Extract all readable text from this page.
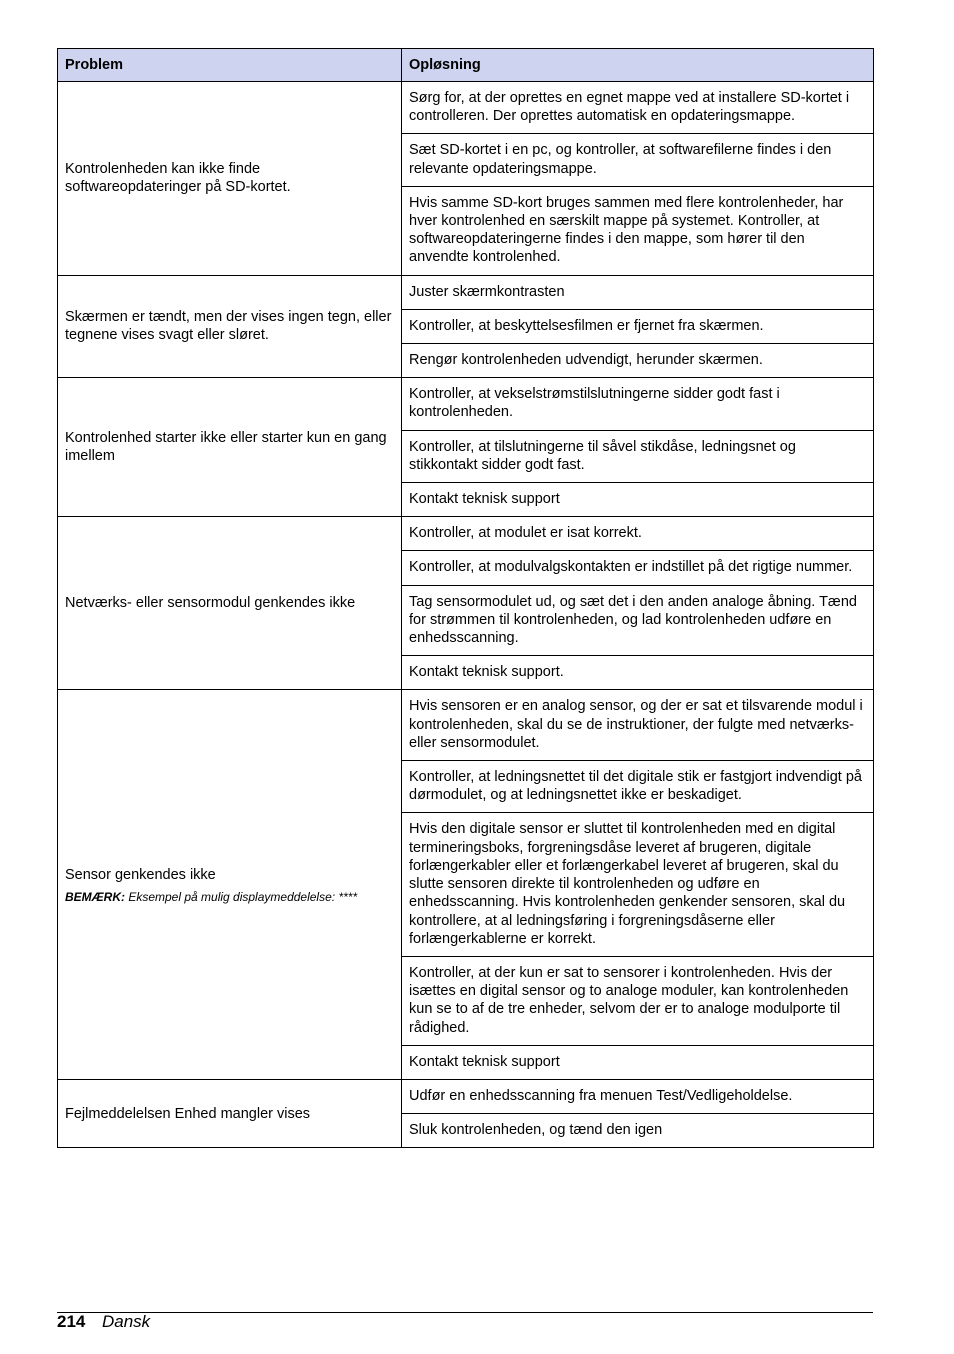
Problem	Opløsning
Kontrolenheden kan ikke finde softwareopdateringer på SD-kortet.	Sørg for, at der oprettes en egnet mappe ved at installere SD-kortet i controlleren. Der oprettes automatisk en opdateringsmappe.
	Sæt SD-kortet i en pc, og kontroller, at softwarefilerne findes i den relevante opdateringsmappe.
	Hvis samme SD-kort bruges sammen med flere kontrolenheder, har hver kontrolenhed en særskilt mappe på systemet. Kontroller, at softwareopdateringerne findes i den mappe, som hører til den anvendte kontrolenhed.
Skærmen er tændt, men der vises ingen tegn, eller tegnene vises svagt eller sløret.	Juster skærmkontrasten
	Kontroller, at beskyttelsesfilmen er fjernet fra skærmen.
	Rengør kontrolenheden udvendigt, herunder skærmen.
Kontrolenhed starter ikke eller starter kun en gang imellem	Kontroller, at vekselstrømstilslutningerne sidder godt fast i kontrolenheden.
	Kontroller, at tilslutningerne til såvel stikdåse, ledningsnet og stikkontakt sidder godt fast.
	Kontakt teknisk support
Netværks- eller sensormodul genkendes ikke	Kontroller, at modulet er isat korrekt.
	Kontroller, at modulvalgskontakten er indstillet på det rigtige nummer.
	Tag sensormodulet ud, og sæt det i den anden analoge åbning. Tænd for strømmen til kontrolenheden, og lad kontrolenheden udføre en enhedsscanning.
	Kontakt teknisk support.

Sensor genkendes ikke
BEMÆRK: Eksempel på mulig displaymeddelelse: ****	Hvis sensoren er en analog sensor, og der er sat et tilsvarende modul i kontrolenheden, skal du se de instruktioner, der fulgte med netværks- eller sensormodulet.
	Kontroller, at ledningsnettet til det digitale stik er fastgjort indvendigt på dørmodulet, og at ledningsnettet ikke er beskadiget.
	Hvis den digitale sensor er sluttet til kontrolenheden med en digital termineringsboks, forgreningsdåse leveret af brugeren, digitale forlængerkabler eller et forlængerkabel leveret af brugeren, skal du slutte sensoren direkte til kontrolenheden og udføre en enhedsscanning. Hvis kontrolenheden genkender sensoren, skal du kontrollere, at al ledningsføring i forgreningsdåserne eller forlængerkablerne er korrekt.
	Kontroller, at der kun er sat to sensorer i kontrolenheden. Hvis der isættes en digital sensor og to analoge moduler, kan kontrolenheden kun se to af de tre enheder, selvom der er to analoge modulporte til rådighed.
	Kontakt teknisk support
Fejlmeddelelsen Enhed mangler vises	Udfør en enhedsscanning fra menuen Test/Vedligeholdelse.
	Sluk kontrolenheden, og tænd den igen
214 Dansk
